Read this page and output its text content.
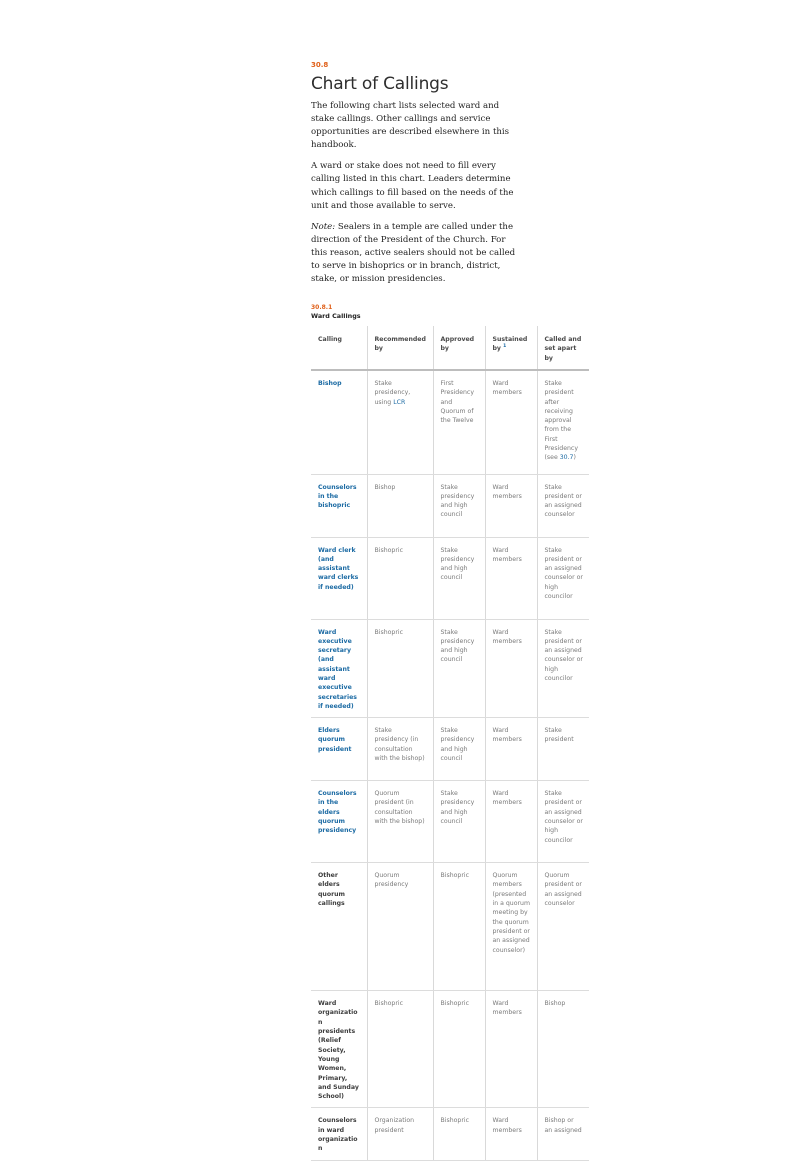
30.8
Chart of Callings

The following chart lists selected ward and stake callings. Other callings and service opportunities are described elsewhere in this handbook.

A ward or stake does not need to fill every calling listed in this chart. Leaders determine which callings to fill based on the needs of the unit and those available to serve.

Note: Sealers in a temple are called under the direction of the President of the Church. For this reason, active sealers should not be called to serve in bishoprics or in branch, district, stake, or mission presidencies.

30.8.1
Ward Callings
Calling	Recommended by	Approved by	Sustained by $^1$	Called and set apart by
Bishop	Stake presidency, using LCR	First Presidency and Quorum of the Twelve	Ward members	Stake president after receiving approval from the First Presidency (see 30.7)
Counselors in the bishopric	Bishop	Stake presidency and high council	Ward members	Stake president or an assigned counselor
Ward clerk (and assistant ward clerks if needed)	Bishopric	Stake presidency and high council	Ward members	Stake president or an assigned counselor or high councilor
Ward executive secretary (and assistant ward executive secretaries if needed)	Bishopric	Stake presidency and high council	Ward members	Stake president or an assigned counselor or high councilor
Elders quorum president	Stake presidency (in consultation with the bishop)	Stake presidency and high council	Ward members	Stake president
Counselors in the elders quorum presidency	Quorum president (in consultation with the bishop)	Stake presidency and high council	Ward members	Stake president or an assigned counselor or high councilor
Other elders quorum callings	Quorum presidency	Bishopric	Quorum members (presented in a quorum meeting by the quorum president or an assigned counselor)	Quorum president or an assigned counselor
Ward organization presidents (Relief Society, Young Women, Primary, and Sunday School)	Bishopric	Bishopric	Ward members	Bishop
Counselors in ward organization	Organization president	Bishopric	Ward members	Bishop or an assigned
